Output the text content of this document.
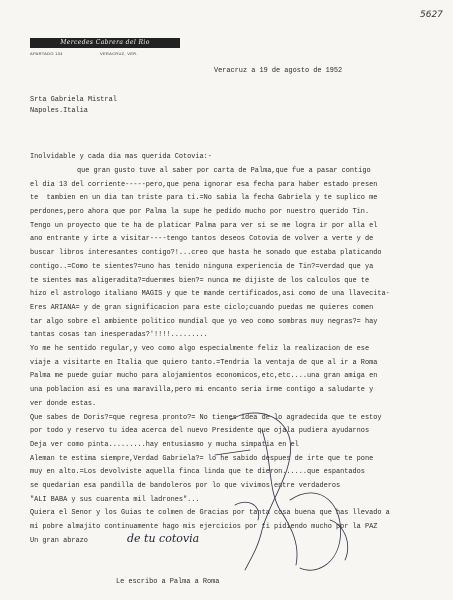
5627
Mercedes Cabrera del Rio
APARTADO 134	VERACRUZ, VER.
Veracruz a 19 de agosto de 1952
Srta Gabriela Mistral
Napoles.Italia
Inolvidable y cada dia mas querida Cotovia:-
que gran gusto tuve al saber por carta de Palma,que fue a pasar contigo
el dia 13 del corriente-----pero,que pena ignorar esa fecha para haber estado presen
te  tambien en un dia tan triste para ti.=No sabia la fecha Gabriela y te suplico me
perdones,pero ahora que por Palma la supe he pedido mucho por nuestro querido Tin.
Tengo un proyecto que te ha de platicar Palma para ver si se me logra ir por alla el
ano entrante y irte a visitar----tengo tantos deseos Cotovia de volver a verte y de
buscar libros interesantes contigo?!...creo que hasta he sonado que estaba platicando
contigo..=Como te sientes?=uno has tenido ninguna experiencia de Tin?=verdad que ya
te sientes mas aligeradita?=duermes bien?= nunca me dijiste de los calculos que te
hizo el astrologo italiano MAGIS y que te mande certificados,asi como de una llavecita-
Eres ARIANA= y de gran significacion para este ciclo;cuando puedas me quieres comen
tar algo sobre el ambiente politico mundial que yo veo como sombras muy negras?= hay
tantas cosas tan inesperadas?'!!!!.........
Yo me he sentido regular,y veo como algo especialmente feliz la realizacion de ese
viaje a visitarte en Italia que quiero tanto.=Tendria la ventaja de que al ir a Roma
Palma me puede guiar mucho para alojamientos economicos,etc,etc....una gran amiga en
una poblacion asi es una maravilla,pero mi encanto seria irme contigo a saludarte y
ver donde estas.
Que sabes de Doris?=que regresa pronto?= No tienes idea de lo agradecida que te estoy
por todo y reservo tu idea acerca del nuevo Presidente que ojala pudiera ayudarnos
Deja ver como pinta.........hay entusiasmo y mucha simpatia en el
Aleman te estima siempre,Verdad Gabriela?= lo he sabido despues de irte que te pone
muy en alto.=Los devolviste aquella finca linda que te dieron......que espantados
se quedarian esa pandilla de bandoleros por lo que vivimos entre verdaderos
"ALI BABA y sus cuarenta mil ladrones"...
Quiera el Senor y los Guias te colmen de Gracias por tanta cosa buena que has llevado a
mi pobre almajito continuamente hago mis ejercicios por ti pidiendo mucho por la PAZ
Un gran abrazo	de tu cotovia
Le escribo a Palma a Roma
